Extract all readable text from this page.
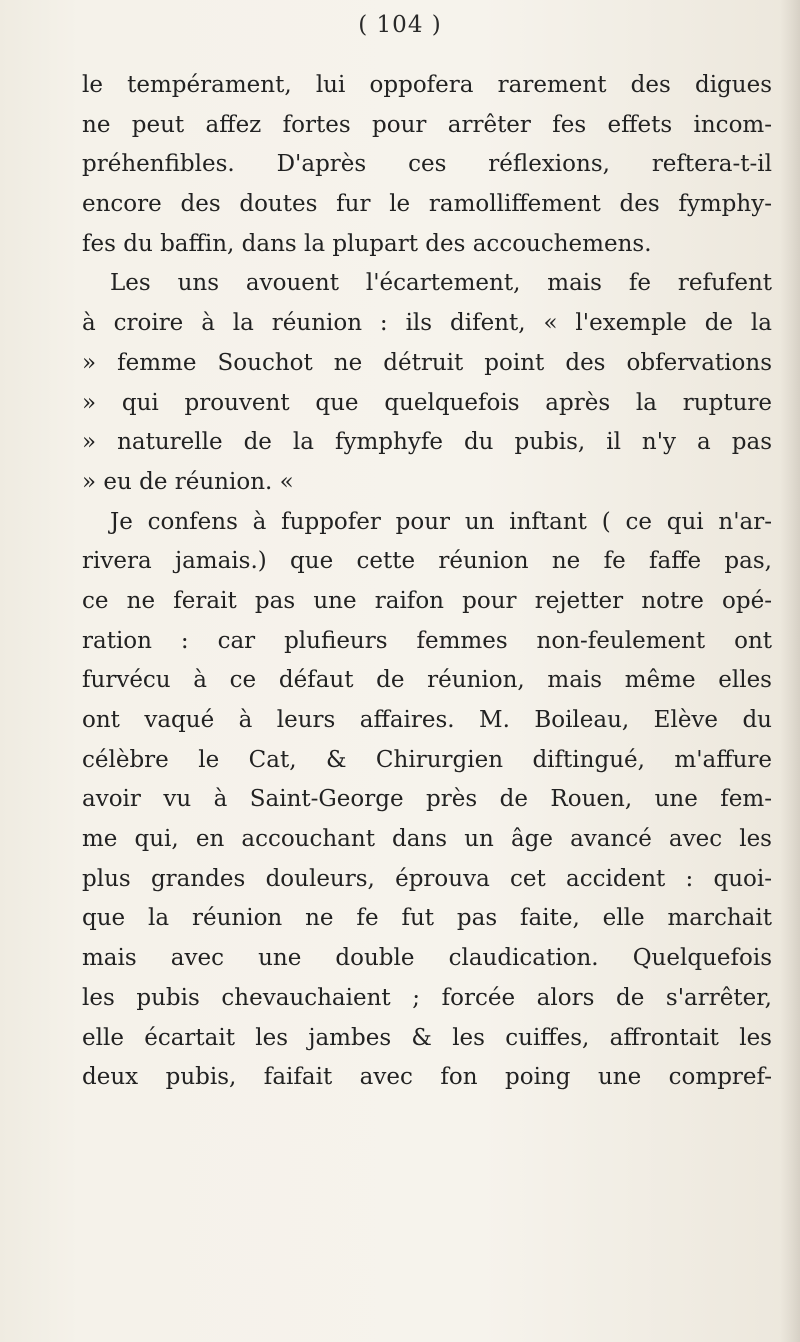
( 104 )
le tempérament, lui oppofera rarement des digues
ne peut affez fortes pour arrêter fes effets incom-
préhenfibles. D'après ces réflexions, reftera-t-il
encore des doutes fur le ramolliffement des fymphy-
fes du baffin, dans la plupart des accouchemens.
Les uns avouent l'écartement, mais fe refufent
à croire à la réunion : ils difent, « l'exemple de la
» femme Souchot ne détruit point des obfervations
» qui prouvent que quelquefois après la rupture
» naturelle de la fymphyfe du pubis, il n'y a pas
» eu de réunion. «
Je confens à fuppofer pour un inftant ( ce qui n'ar-
rivera jamais.) que cette réunion ne fe faffe pas,
ce ne ferait pas une raifon pour rejetter notre opé-
ration : car plufieurs femmes non-feulement ont
furvécu à ce défaut de réunion, mais même elles
ont vaqué à leurs affaires. M. Boileau, Elève du
célèbre le Cat, & Chirurgien diftingué, m'affure
avoir vu à Saint-George près de Rouen, une fem-
me qui, en accouchant dans un âge avancé avec les
plus grandes douleurs, éprouva cet accident : quoi-
que la réunion ne fe fut pas faite, elle marchait
mais avec une double claudication. Quelquefois
les pubis chevauchaient ; forcée alors de s'arrêter,
elle écartait les jambes & les cuiffes, affrontait les
deux pubis, faifait avec fon poing une compref-
